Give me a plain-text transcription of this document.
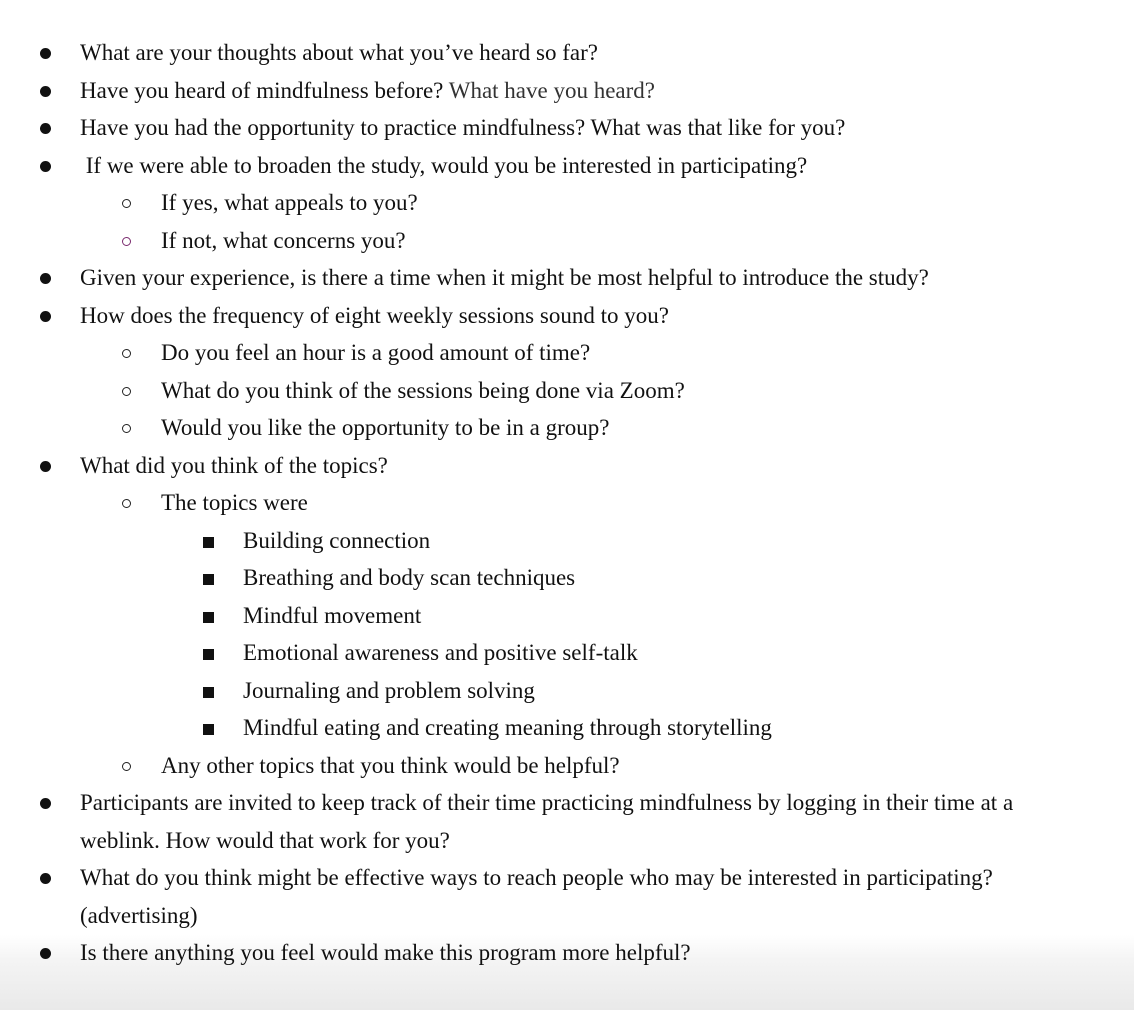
What are your thoughts about what you’ve heard so far?
Have you heard of mindfulness before? What have you heard?
Have you had the opportunity to practice mindfulness? What was that like for you?
If we were able to broaden the study, would you be interested in participating?
If yes, what appeals to you?
If not, what concerns you?
Given your experience, is there a time when it might be most helpful to introduce the study?
How does the frequency of eight weekly sessions sound to you?
Do you feel an hour is a good amount of time?
What do you think of the sessions being done via Zoom?
Would you like the opportunity to be in a group?
What did you think of the topics?
The topics were
Building connection
Breathing and body scan techniques
Mindful movement
Emotional awareness and positive self-talk
Journaling and problem solving
Mindful eating and creating meaning through storytelling
Any other topics that you think would be helpful?
Participants are invited to keep track of their time practicing mindfulness by logging in their time at a
weblink. How would that work for you?
What do you think might be effective ways to reach people who may be interested in participating?
(advertising)
Is there anything you feel would make this program more helpful?
